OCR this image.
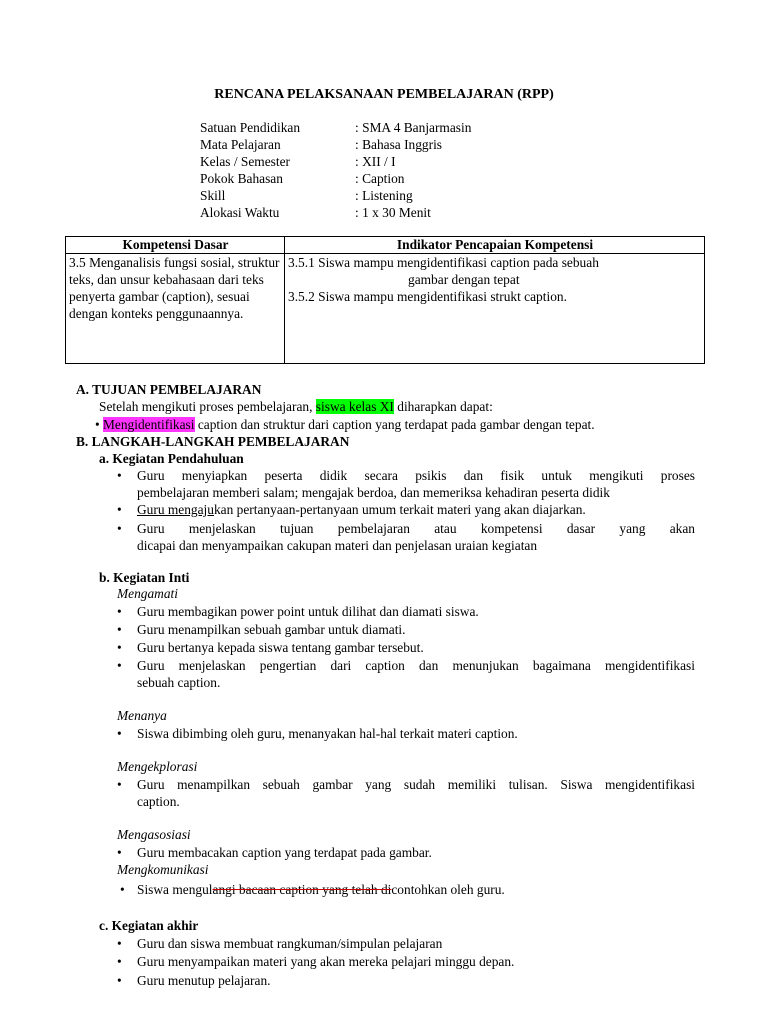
RENCANA PELAKSANAAN PEMBELAJARAN (RPP)
Satuan Pendidikan	: SMA 4 Banjarmasin
Mata Pelajaran	: Bahasa Inggris
Kelas / Semester	: XII / I
Pokok Bahasan	: Caption
Skill	: Listening
Alokasi Waktu	: 1 x 30 Menit
Kompetensi Dasar	Indikator Pencapaian Kompetensi
3.5 Menganalisis fungsi sosial, struktur teks, dan unsur kebahasaan dari teks penyerta gambar (caption), sesuai dengan konteks penggunaannya.	3.5.1 Siswa mampu mengidentifikasi caption pada sebuah
gambar dengan tepat
3.5.2 Siswa mampu mengidentifikasi strukt caption.
A. TUJUAN PEMBELAJARAN
Setelah mengikuti proses pembelajaran, siswa kelas XI diharapkan dapat:
• Mengidentifikasi caption dan struktur dari caption yang terdapat pada gambar dengan tepat.
B. LANGKAH-LANGKAH PEMBELAJARAN
a. Kegiatan Pendahuluan
• Guru menyiapkan peserta didik secara psikis dan fisik untuk mengikuti proses
pembelajaran memberi salam; mengajak berdoa, dan memeriksa kehadiran peserta didik
• Guru mengajukan pertanyaan-pertanyaan umum terkait materi yang akan diajarkan.
• Guru menjelaskan tujuan pembelajaran atau kompetensi dasar yang akan
dicapai dan menyampaikan cakupan materi dan penjelasan uraian kegiatan
b. Kegiatan Inti
Mengamati
• Guru membagikan power point untuk dilihat dan diamati siswa.
• Guru menampilkan sebuah gambar untuk diamati.
• Guru bertanya kepada siswa tentang gambar tersebut.
• Guru menjelaskan pengertian dari caption dan menunjukan bagaimana mengidentifikasi
sebuah caption.
Menanya
• Siswa dibimbing oleh guru, menanyakan hal-hal terkait materi caption.
Mengekplorasi
• Guru menampilkan sebuah gambar yang sudah memiliki tulisan. Siswa mengidentifikasi
caption.
Mengasosiasi
• Guru membacakan caption yang terdapat pada gambar.
Mengkomunikasi
• Siswa mengulangi bacaan caption yang telah dicontohkan oleh guru.
c. Kegiatan akhir
• Guru dan siswa membuat rangkuman/simpulan pelajaran
• Guru menyampaikan materi yang akan mereka pelajari minggu depan.
• Guru menutup pelajaran.
